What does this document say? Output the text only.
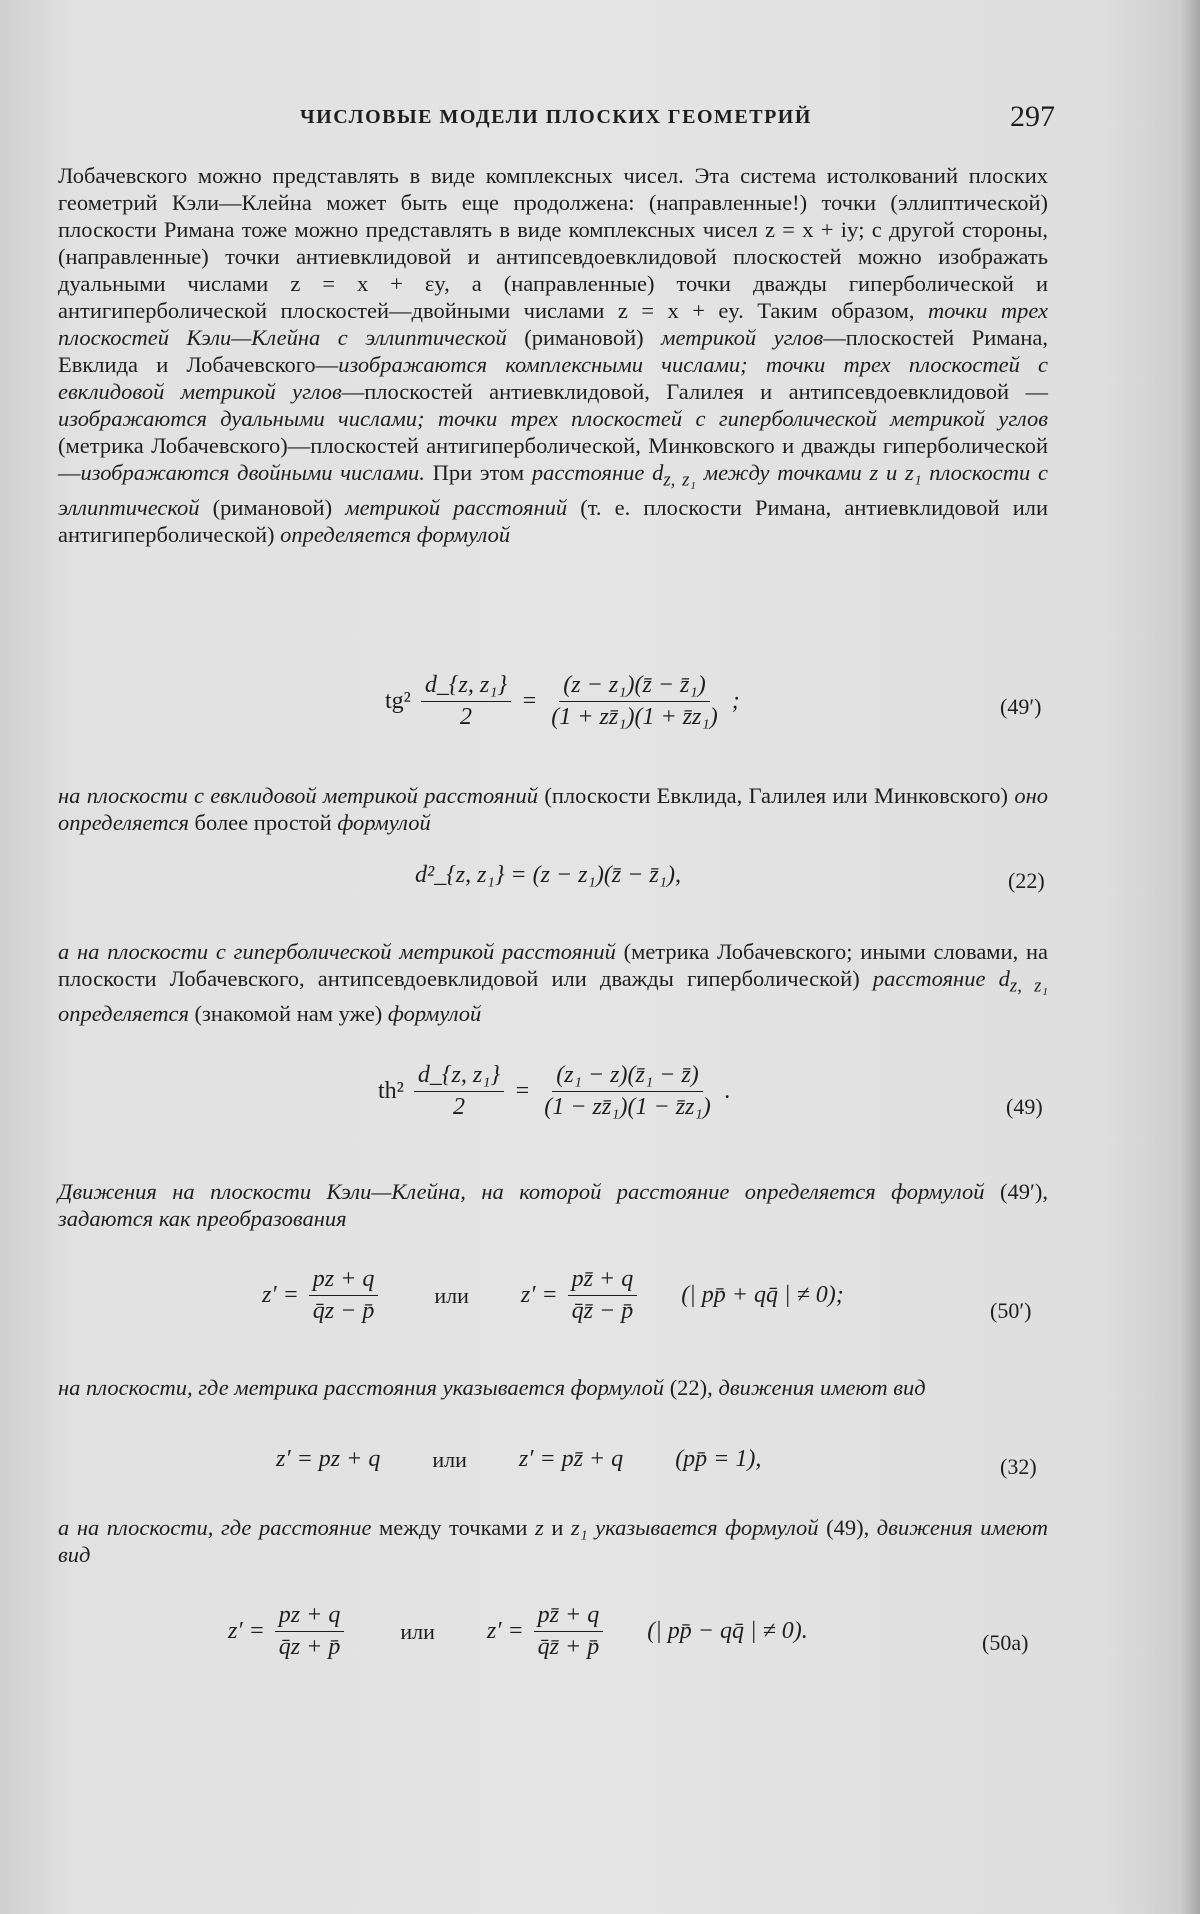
ЧИСЛОВЫЕ МОДЕЛИ ПЛОСКИХ ГЕОМЕТРИЙ	297
Лобачевского можно представлять в виде комплексных чисел. Эта система истолкований плоских геометрий Кэли—Клейна может быть еще продолжена: (направленные!) точки (эллиптической) плоскости Римана тоже можно представлять в виде комплексных чисел z = x + iy; с другой стороны, (направленные) точки антиевклидовой и антипсевдоевклидовой плоскостей можно изображать дуальными числами z = x + εy, а (направленные) точки дважды гиперболической и антигиперболической плоскостей—двойными числами z = x + ey. Таким образом, точки трех плоскостей Кэли—Клейна с эллиптической (римановой) метрикой углов—плоскостей Римана, Евклида и Лобачевского—изображаются комплексными числами; точки трех плоскостей с евклидовой метрикой углов—плоскостей антиевклидовой, Галилея и антипсевдоевклидовой — изображаются дуальными числами; точки трех плоскостей с гиперболической метрикой углов (метрика Лобачевского)—плоскостей антигиперболической, Минковского и дважды гиперболической—изображаются двойными числами. При этом расстояние $d_{z, z_1}$ между точками z и z₁ плоскости с эллиптической (римановой) метрикой расстояний (т. е. плоскости Римана, антиевклидовой или антигиперболической) определяется формулой
$tg^2 \frac{\text{d\_\{z, z₁\}}}{2} = \frac{\text{(z − z₁)(z̄ − z̄₁)}}{\text{(1 + zz̄₁)(1 + z̄z₁)}}$ ;	(49′)
на плоскости с евклидовой метрикой расстояний (плоскости Евклида, Галилея или Минковского) оно определяется более простой формулой
d²_{z, z₁} = (z − z₁)(z̄ − z̄₁),	(22)
а на плоскости с гиперболической метрикой расстояний (метрика Лобачевского; иными словами, на плоскости Лобачевского, антипсевдоевклидовой или дважды гиперболической) расстояние $d_{z, z_1}$ определяется (знакомой нам уже) формулой
$th^2 \frac{\text{d\_\{z, z₁\}}}{2} = \frac{\text{(z₁ − z)(z̄₁ − z̄)}}{\text{(1 − zz̄₁)(1 − z̄z₁)}}$ .
(49)
Движения на плоскости Кэли—Клейна, на которой расстояние определяется формулой (49′), задаются как преобразования
$z' = \frac{pz + q}{q̄z - p̄}$	или $z' = \frac{pz̄ + q}{q̄z̄ - p̄}$ (| pp̄ + qq̄ | ≠ 0);
(50′)
на плоскости, где метрика расстояния указывается формулой (22), движения имеют вид
z′ = pz + q или z′ = pz̄ + q (pp̄ = 1),	(32)
а на плоскости, где расстояние между точками z и z₁ указывается формулой (49), движения имеют вид
$z' = \frac{pz + q}{q̄z + p̄}$	или $z' = \frac{pz̄ + q}{q̄z̄ + p̄}$ (| pp̄ − qq̄ | ≠ 0).	(50а)
